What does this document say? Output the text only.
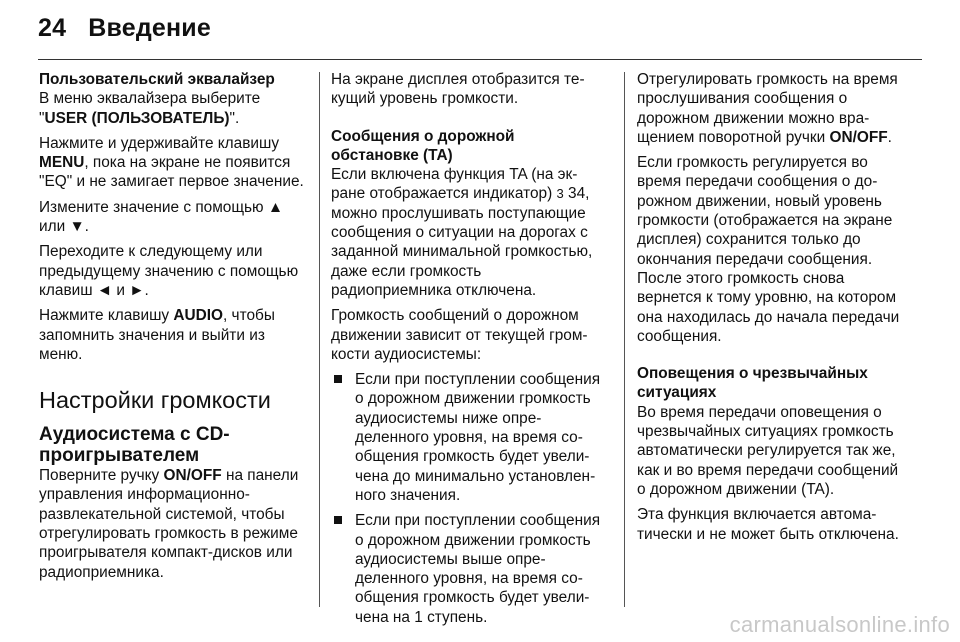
24 Введение

Пользовательский эквалайзер

В меню эквалайзера выберите "USER (ПОЛЬЗОВАТЕЛЬ)".

Нажмите и удерживайте клавишу MENU, пока на экране не появится "EQ" и не замигает первое значение.

Измените значение с помощью ▲ или ▼.

Переходите к следующему или предыдущему значению с помощью клавиш ◄ и ►.

Нажмите клавишу AUDIO, чтобы запомнить значения и выйти из меню.

Настройки громкости
Аудиосистема с CD-проигрывателем

Поверните ручку ON/OFF на панели управления информационно-развлекательной системой, чтобы отрегулировать громкость в режиме проигрывателя компакт-дисков или радиоприемника.

На экране дисплея отобразится текущий уровень громкости.

Сообщения о дорожной обстановке (TA)

Если включена функция TA (на экране отображается индикатор) 3 34, можно прослушивать поступающие сообщения о ситуации на дорогах с заданной минимальной громкостью, даже если громкость радиоприемника отключена.

Громкость сообщений о дорожном движении зависит от текущей громкости аудиосистемы:

Если при поступлении сообщения о дорожном движении громкость аудиосистемы ниже определенного уровня, на время сообщения громкость будет увеличена до минимально установленного значения.
Если при поступлении сообщения о дорожном движении громкость аудиосистемы выше определенного уровня, на время сообщения громкость будет увеличена на 1 ступень.

Отрегулировать громкость на время прослушивания сообщения о дорожном движении можно вращением поворотной ручки ON/OFF.

Если громкость регулируется во время передачи сообщения о дорожном движении, новый уровень громкости (отображается на экране дисплея) сохранится только до окончания передачи сообщения. После этого громкость снова вернется к тому уровню, на котором она находилась до начала передачи сообщения.

Оповещения о чрезвычайных ситуациях

Во время передачи оповещения о чрезвычайных ситуациях громкость автоматически регулируется так же, как и во время передачи сообщений о дорожном движении (TA).

Эта функция включается автоматически и не может быть отключена.

carmanualsonline.info
